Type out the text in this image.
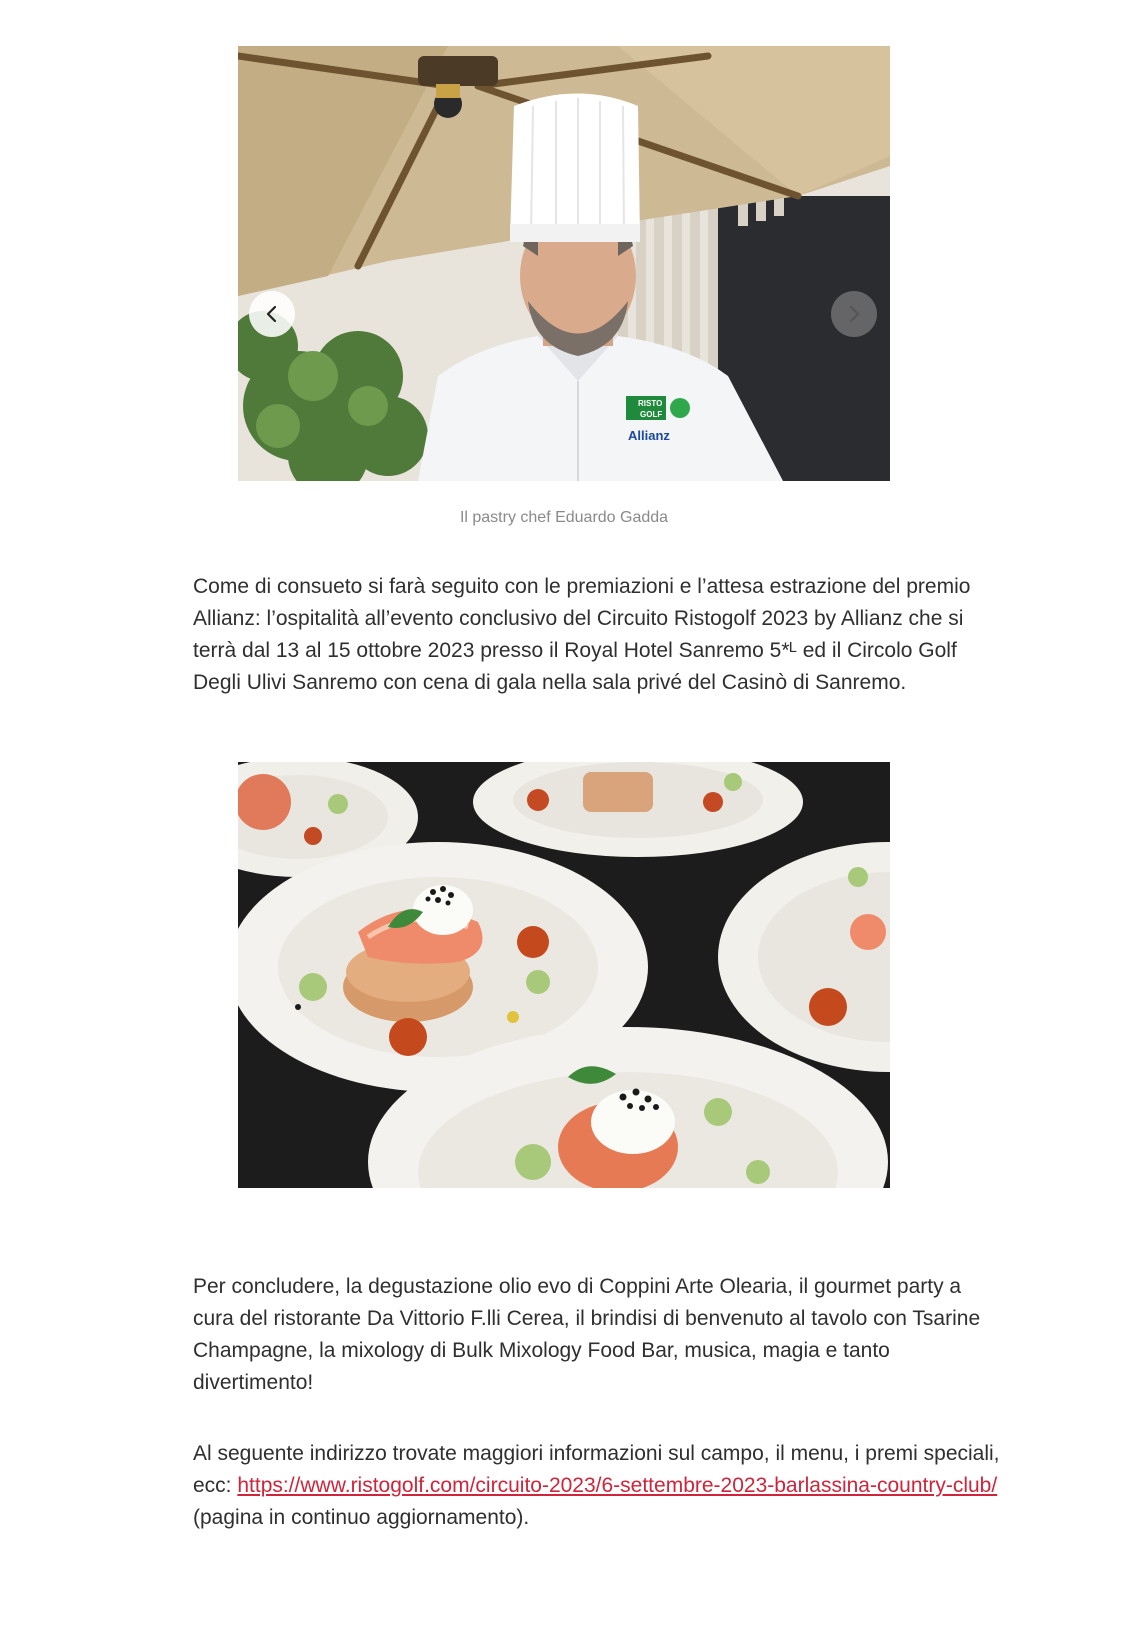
RISTO
GOLF
Allianz
Il pastry chef Eduardo Gadda

Come di consueto si farà seguito con le premiazioni e l’attesa estrazione del premio Allianz: l’ospitalità all’evento conclusivo del Circuito Ristogolf 2023 by Allianz che si terrà dal 13 al 15 ottobre 2023 presso il Royal Hotel Sanremo 5*ᴸ ed il Circolo Golf Degli Ulivi Sanremo con cena di gala nella sala privé del Casinò di Sanremo.

Per concludere, la degustazione olio evo di Coppini Arte Olearia, il gourmet party a cura del ristorante Da Vittorio F.lli Cerea, il brindisi di benvenuto al tavolo con Tsarine Champagne, la mixology di Bulk Mixology Food Bar, musica, magia e tanto divertimento!

Al seguente indirizzo trovate maggiori informazioni sul campo, il menu, i premi speciali, ecc: https://www.ristogolf.com/circuito-2023/6-settembre-2023-barlassina-country-club/ (pagina in continuo aggiornamento).
